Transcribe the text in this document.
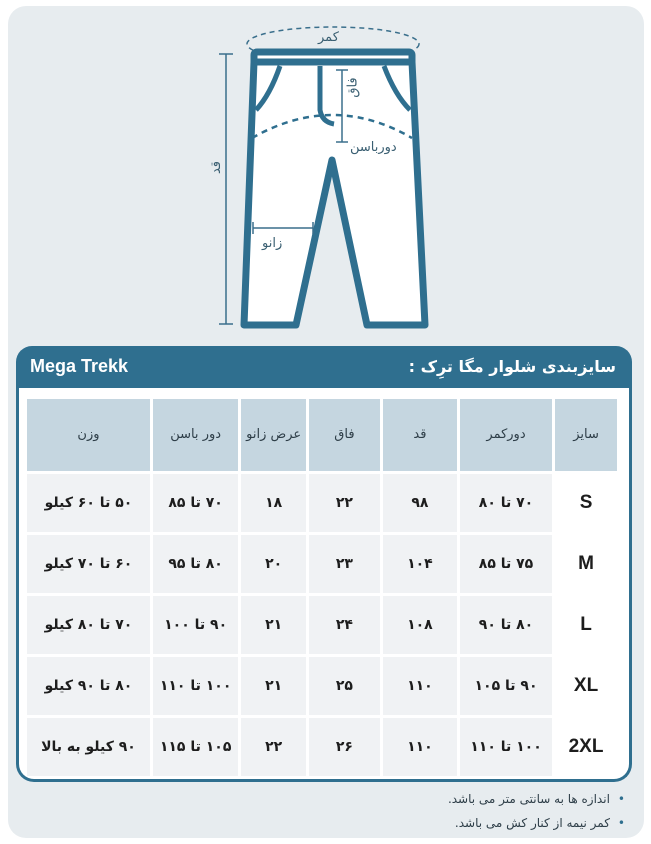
کمر
فاق
دورباسن
قد
زانو
Mega Trekk	سایزبندی شلوار مگا ترِک :
سایز	دورکمر	قد	فاق	عرض زانو	دور باسن	وزن
S	۷۰ تا ۸۰	۹۸	۲۲	۱۸	۷۰ تا ۸۵	۵۰ تا ۶۰ کیلو
M	۷۵ تا ۸۵	۱۰۴	۲۳	۲۰	۸۰ تا ۹۵	۶۰ تا ۷۰ کیلو
L	۸۰ تا ۹۰	۱۰۸	۲۴	۲۱	۹۰ تا ۱۰۰	۷۰ تا ۸۰ کیلو
XL	۹۰ تا ۱۰۵	۱۱۰	۲۵	۲۱	۱۰۰ تا ۱۱۰	۸۰ تا ۹۰ کیلو
2XL	۱۰۰ تا ۱۱۰	۱۱۰	۲۶	۲۲	۱۰۵ تا ۱۱۵	۹۰ کیلو به بالا
• اندازه ها به سانتی متر می باشد.
• کمر نیمه از کنار کش می باشد.
